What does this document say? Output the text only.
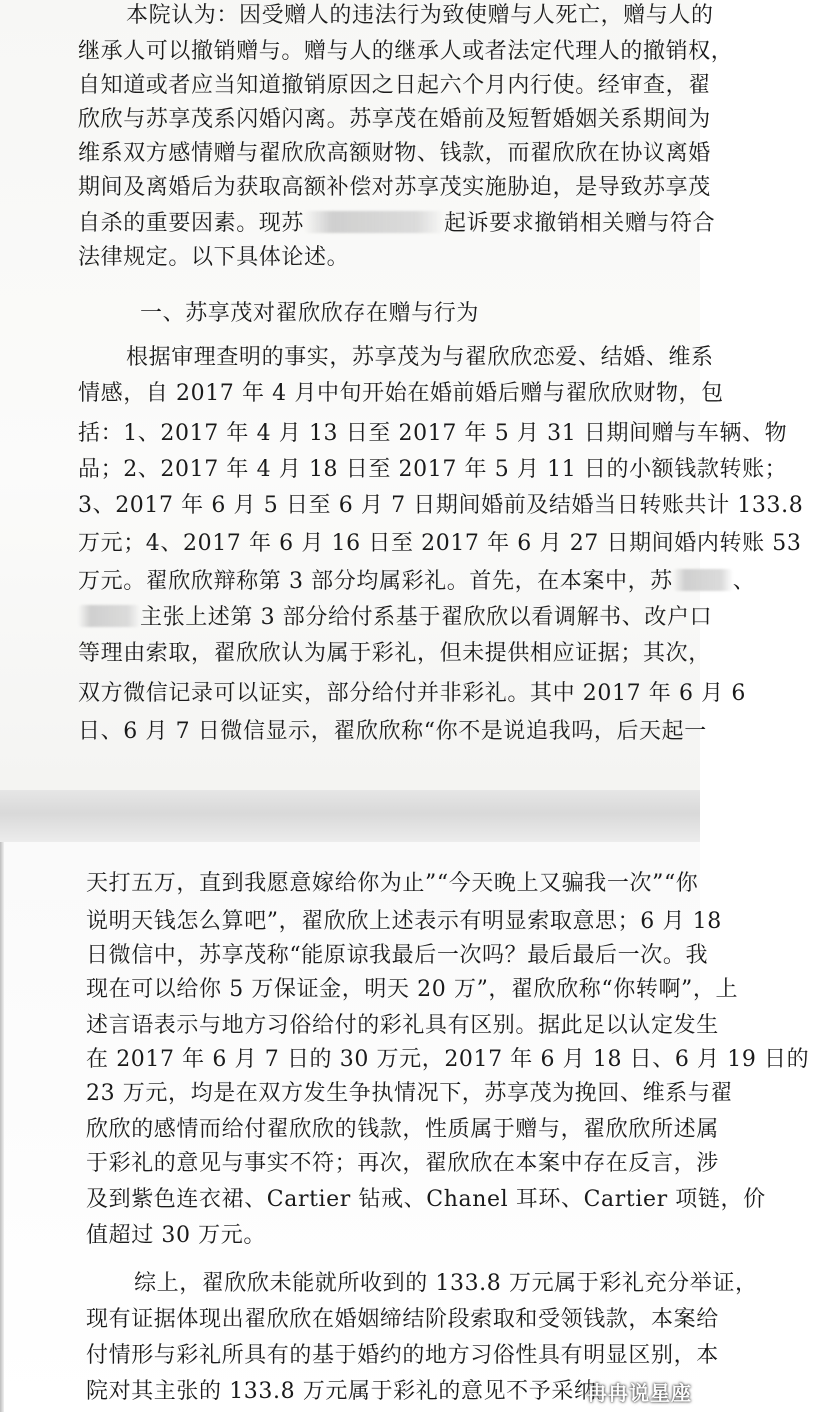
本院认为：因受赠人的违法行为致使赠与人死亡，赠与人的
继承人可以撤销赠与。赠与人的继承人或者法定代理人的撤销权，
自知道或者应当知道撤销原因之日起六个月内行使。经审查，翟
欣欣与苏享茂系闪婚闪离。苏享茂在婚前及短暂婚姻关系期间为
维系双方感情赠与翟欣欣高额财物、钱款，而翟欣欣在协议离婚
期间及离婚后为获取高额补偿对苏享茂实施胁迫，是导致苏享茂
自杀的重要因素。现苏	起诉要求撤销相关赠与符合
法律规定。以下具体论述。
一、苏享茂对翟欣欣存在赠与行为
根据审理查明的事实，苏享茂为与翟欣欣恋爱、结婚、维系
情感，自 2017 年 4 月中旬开始在婚前婚后赠与翟欣欣财物，包
括：1、2017 年 4 月 13 日至 2017 年 5 月 31 日期间赠与车辆、物
品；2、2017 年 4 月 18 日至 2017 年 5 月 11 日的小额钱款转账；
3、2017 年 6 月 5 日至 6 月 7 日期间婚前及结婚当日转账共计 133.8
万元；4、2017 年 6 月 16 日至 2017 年 6 月 27 日期间婚内转账 53
万元。翟欣欣辩称第 3 部分均属彩礼。首先，在本案中，苏	、
主张上述第 3 部分给付系基于翟欣欣以看调解书、改户口
等理由索取，翟欣欣认为属于彩礼，但未提供相应证据；其次，
双方微信记录可以证实，部分给付并非彩礼。其中 2017 年 6 月 6
日、6 月 7 日微信显示，翟欣欣称“你不是说追我吗，后天起一
天打五万，直到我愿意嫁给你为止”“今天晚上又骗我一次”“你
说明天钱怎么算吧”，翟欣欣上述表示有明显索取意思；6 月 18
日微信中，苏享茂称“能原谅我最后一次吗？最后最后一次。我
现在可以给你 5 万保证金，明天 20 万”，翟欣欣称“你转啊”，上
述言语表示与地方习俗给付的彩礼具有区别。据此足以认定发生
在 2017 年 6 月 7 日的 30 万元，2017 年 6 月 18 日、6 月 19 日的
23 万元，均是在双方发生争执情况下，苏享茂为挽回、维系与翟
欣欣的感情而给付翟欣欣的钱款，性质属于赠与，翟欣欣所述属
于彩礼的意见与事实不符；再次，翟欣欣在本案中存在反言，涉
及到紫色连衣裙、Cartier 钻戒、Chanel 耳环、Cartier 项链，价
值超过 30 万元。
综上，翟欣欣未能就所收到的 133.8 万元属于彩礼充分举证，
现有证据体现出翟欣欣在婚姻缔结阶段索取和受领钱款，本案给
付情形与彩礼所具有的基于婚约的地方习俗性具有明显区别，本
院对其主张的 133.8 万元属于彩礼的意见不予采纳。
冉冉说星座
